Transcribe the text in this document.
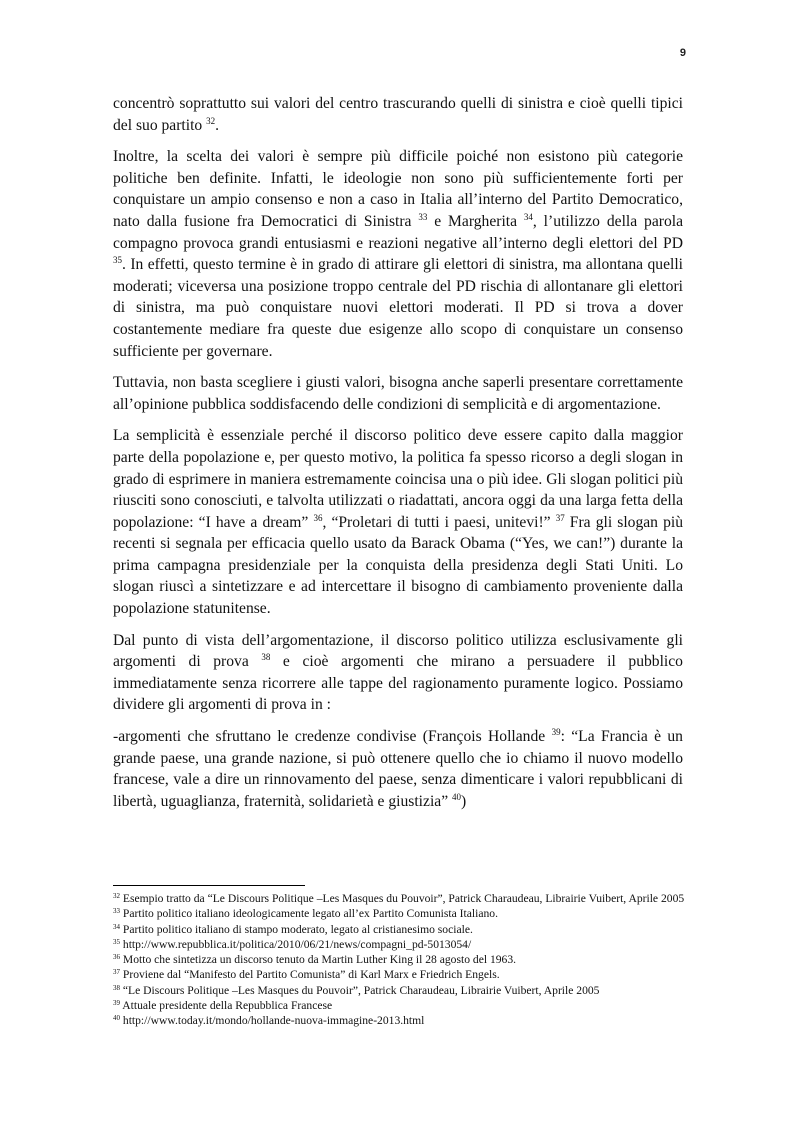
9

concentrò soprattutto sui valori del centro trascurando quelli di sinistra e cioè quelli tipici del suo partito $^{32}$.

Inoltre, la scelta dei valori è sempre più difficile poiché non esistono più categorie politiche ben definite. Infatti, le ideologie non sono più sufficientemente forti per conquistare un ampio consenso e non a caso in Italia all’interno del Partito Democratico, nato dalla fusione fra Democratici di Sinistra $^{33}$ e Margherita $^{34}$, l’utilizzo della parola compagno provoca grandi entusiasmi e reazioni negative all’interno degli elettori del PD $^{35}$. In effetti, questo termine è in grado di attirare gli elettori di sinistra, ma allontana quelli moderati; viceversa una posizione troppo centrale del PD rischia di allontanare gli elettori di sinistra, ma può conquistare nuovi elettori moderati. Il PD si trova a dover costantemente mediare fra queste due esigenze allo scopo di conquistare un consenso sufficiente per governare.

Tuttavia, non basta scegliere i giusti valori, bisogna anche saperli presentare correttamente all’opinione pubblica soddisfacendo delle condizioni di semplicità e di argomentazione.

La semplicità è essenziale perché il discorso politico deve essere capito dalla maggior parte della popolazione e, per questo motivo, la politica fa spesso ricorso a degli slogan in grado di esprimere in maniera estremamente coincisa una o più idee. Gli slogan politici più riusciti sono conosciuti, e talvolta utilizzati o riadattati, ancora oggi da una larga fetta della popolazione: “I have a dream” $^{36}$, “Proletari di tutti i paesi, unitevi!” $^{37}$ Fra gli slogan più recenti si segnala per efficacia quello usato da Barack Obama (“Yes, we can!”) durante la prima campagna presidenziale per la conquista della presidenza degli Stati Uniti. Lo slogan riuscì a sintetizzare e ad intercettare il bisogno di cambiamento proveniente dalla popolazione statunitense.

Dal punto di vista dell’argomentazione, il discorso politico utilizza esclusivamente gli argomenti di prova $^{38}$ e cioè argomenti che mirano a persuadere il pubblico immediatamente senza ricorrere alle tappe del ragionamento puramente logico. Possiamo dividere gli argomenti di prova in :

-argomenti che sfruttano le credenze condivise (François Hollande $^{39}$: “La Francia è un grande paese, una grande nazione, si può ottenere quello che io chiamo il nuovo modello francese, vale a dire un rinnovamento del paese, senza dimenticare i valori repubblicani di libertà, uguaglianza, fraternità, solidarietà e giustizia” $^{40}$)

$^{32}$ Esempio tratto da “Le Discours Politique –Les Masques du Pouvoir”, Patrick Charaudeau, Librairie Vuibert, Aprile 2005

$^{33}$ Partito politico italiano ideologicamente legato all’ex Partito Comunista Italiano.

$^{34}$ Partito politico italiano di stampo moderato, legato al cristianesimo sociale.

$^{35}$ http://www.repubblica.it/politica/2010/06/21/news/compagni_pd-5013054/

$^{36}$ Motto che sintetizza un discorso tenuto da Martin Luther King il 28 agosto del 1963.

$^{37}$ Proviene dal “Manifesto del Partito Comunista” di Karl Marx e Friedrich Engels.

$^{38}$ “Le Discours Politique –Les Masques du Pouvoir”, Patrick Charaudeau, Librairie Vuibert, Aprile 2005

$^{39}$ Attuale presidente della Repubblica Francese

$^{40}$ http://www.today.it/mondo/hollande-nuova-immagine-2013.html
